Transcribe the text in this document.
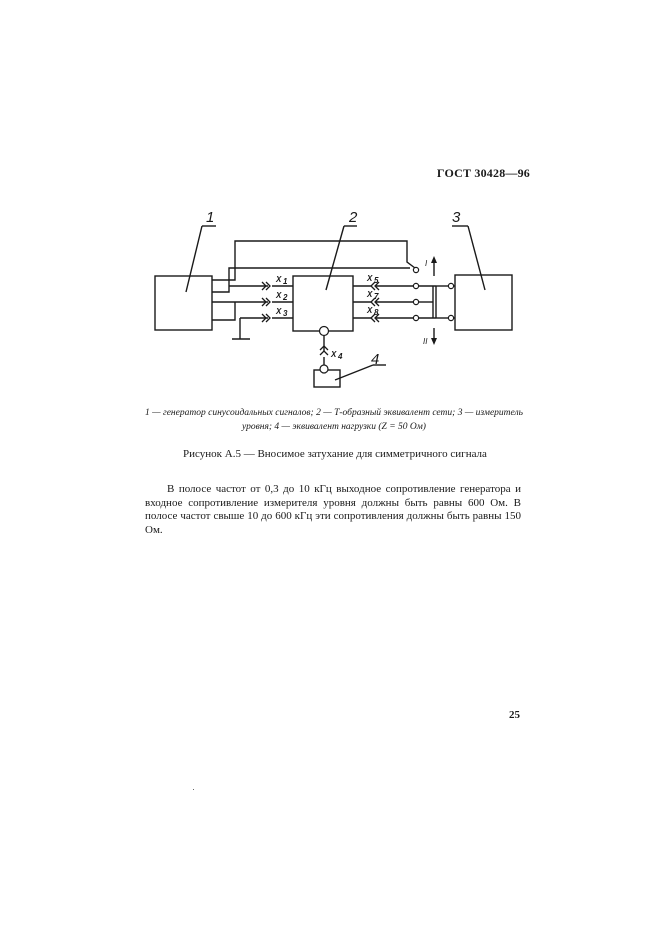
ГОСТ 30428—96
1	2	3
4
X 1
X 2
X 3
X 4
X 5
X 7
X 8
I
II
1 — генератор синусоидальных сигналов; 2 — Т-образный эквивалент сети; 3 — измеритель уровня; 4 — эквивалент нагрузки (Z = 50 Ом)
Рисунок А.5 — Вносимое затухание для симметричного сигнала
В полосе частот от 0,3 до 10 кГц выходное сопротивление генератора и входное сопротивление измерителя уровня должны быть равны 600 Ом. В полосе частот свыше 10 до 600 кГц эти сопротивления должны быть равны 150 Ом.
25
